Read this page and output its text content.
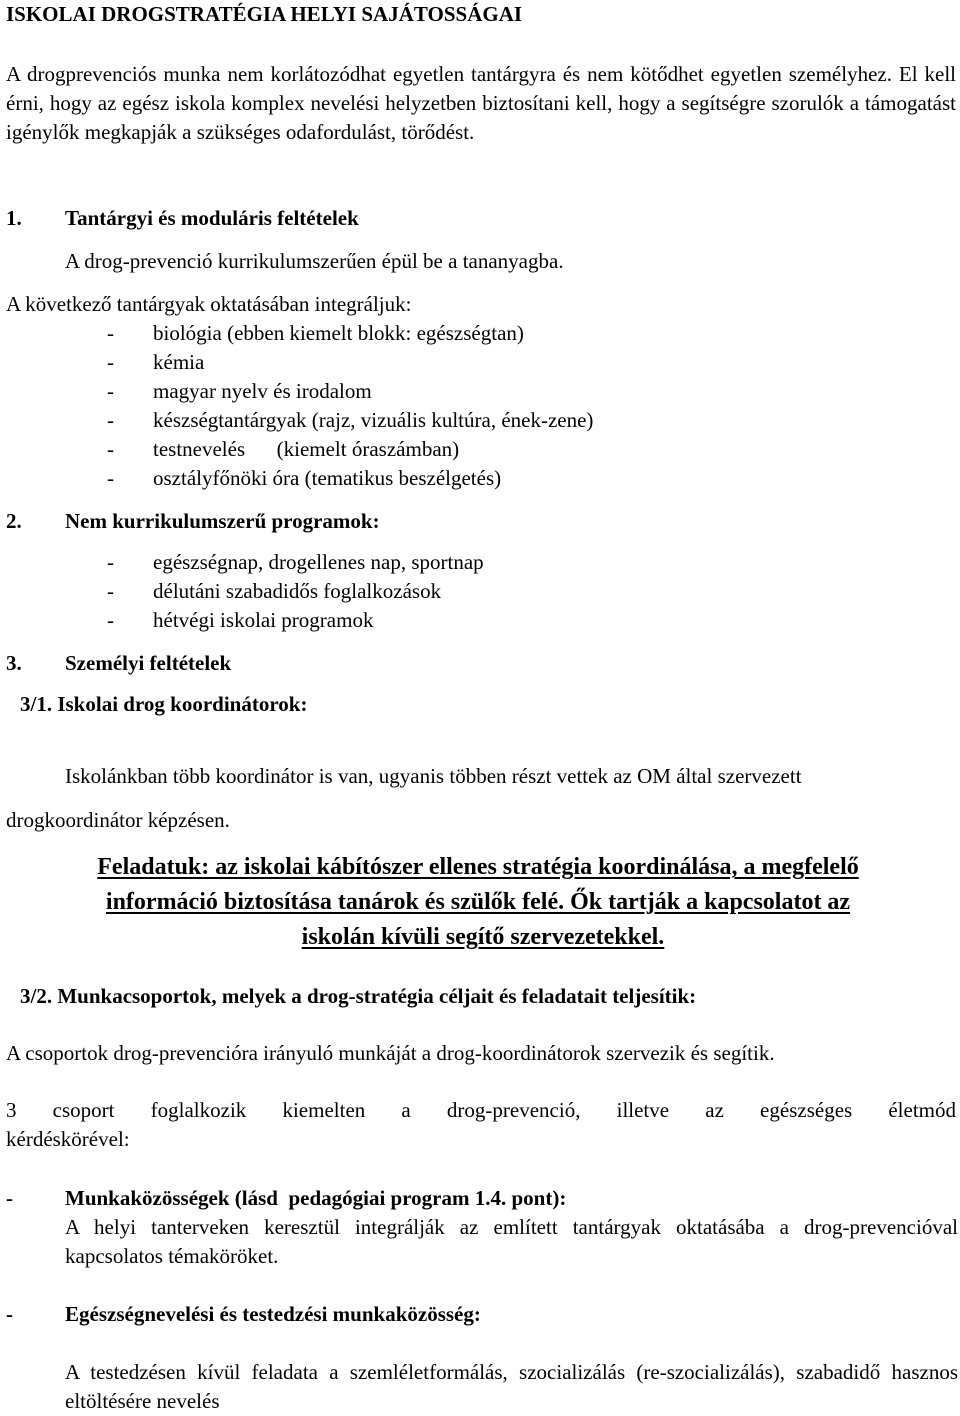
ISKOLAI DROGSTRATÉGIA HELYI SAJÁTOSSÁGAI

A drogprevenciós munka nem korlátozódhat egyetlen tantárgyra és nem kötődhet egyetlen személyhez. El kell érni, hogy az egész iskola komplex nevelési helyzetben biztosítani kell, hogy a segítségre szorulók a támogatást igénylők megkapják a szükséges odafordulást, törődést.

1. Tantárgyi és moduláris feltételek
A drog-prevenció kurrikulumszerűen épül be a tananyagba.
A következő tantárgyak oktatásában integráljuk:
- biológia (ebben kiemelt blokk: egészségtan)
- kémia
- magyar nyelv és irodalom
- készségtantárgyak (rajz, vizuális kultúra, ének-zene)
- testnevelés      (kiemelt óraszámban)
- osztályfőnöki óra (tematikus beszélgetés)
2. Nem kurrikulumszerű programok:
- egészségnap, drogellenes nap, sportnap
- délutáni szabadidős foglalkozások
- hétvégi iskolai programok
3. Személyi feltételek
3/1. Iskolai drog koordinátorok:
Iskolánkban több koordinátor is van, ugyanis többen részt vettek az OM által szervezett
drogkoordinátor képzésen.
Feladatuk: az iskolai kábítószer ellenes stratégia koordinálása, a megfelelő
információ biztosítása tanárok és szülők felé. Ők tartják a kapcsolatot az
iskolán kívüli segítő szervezetekkel.
3/2. Munkacsoportok, melyek a drog-stratégia céljait és feladatait teljesítik:
A csoportok drog-prevencióra irányuló munkáját a drog-koordinátorok szervezik és segítik.
3 csoport foglalkozik kiemelten a drog-prevenció, illetve az egészséges életmód
kérdéskörével:
- Munkaközösségek (lásd  pedagógiai program 1.4. pont):

A helyi tanterveken keresztül integrálják az említett tantárgyak oktatásába a drog-prevencióval kapcsolatos témaköröket.

- Egészségnevelési és testedzési munkaközösség:

A testedzésen kívül feladata a szemléletformálás, szocializálás (re-szocializálás), szabadidő hasznos eltöltésére nevelés
